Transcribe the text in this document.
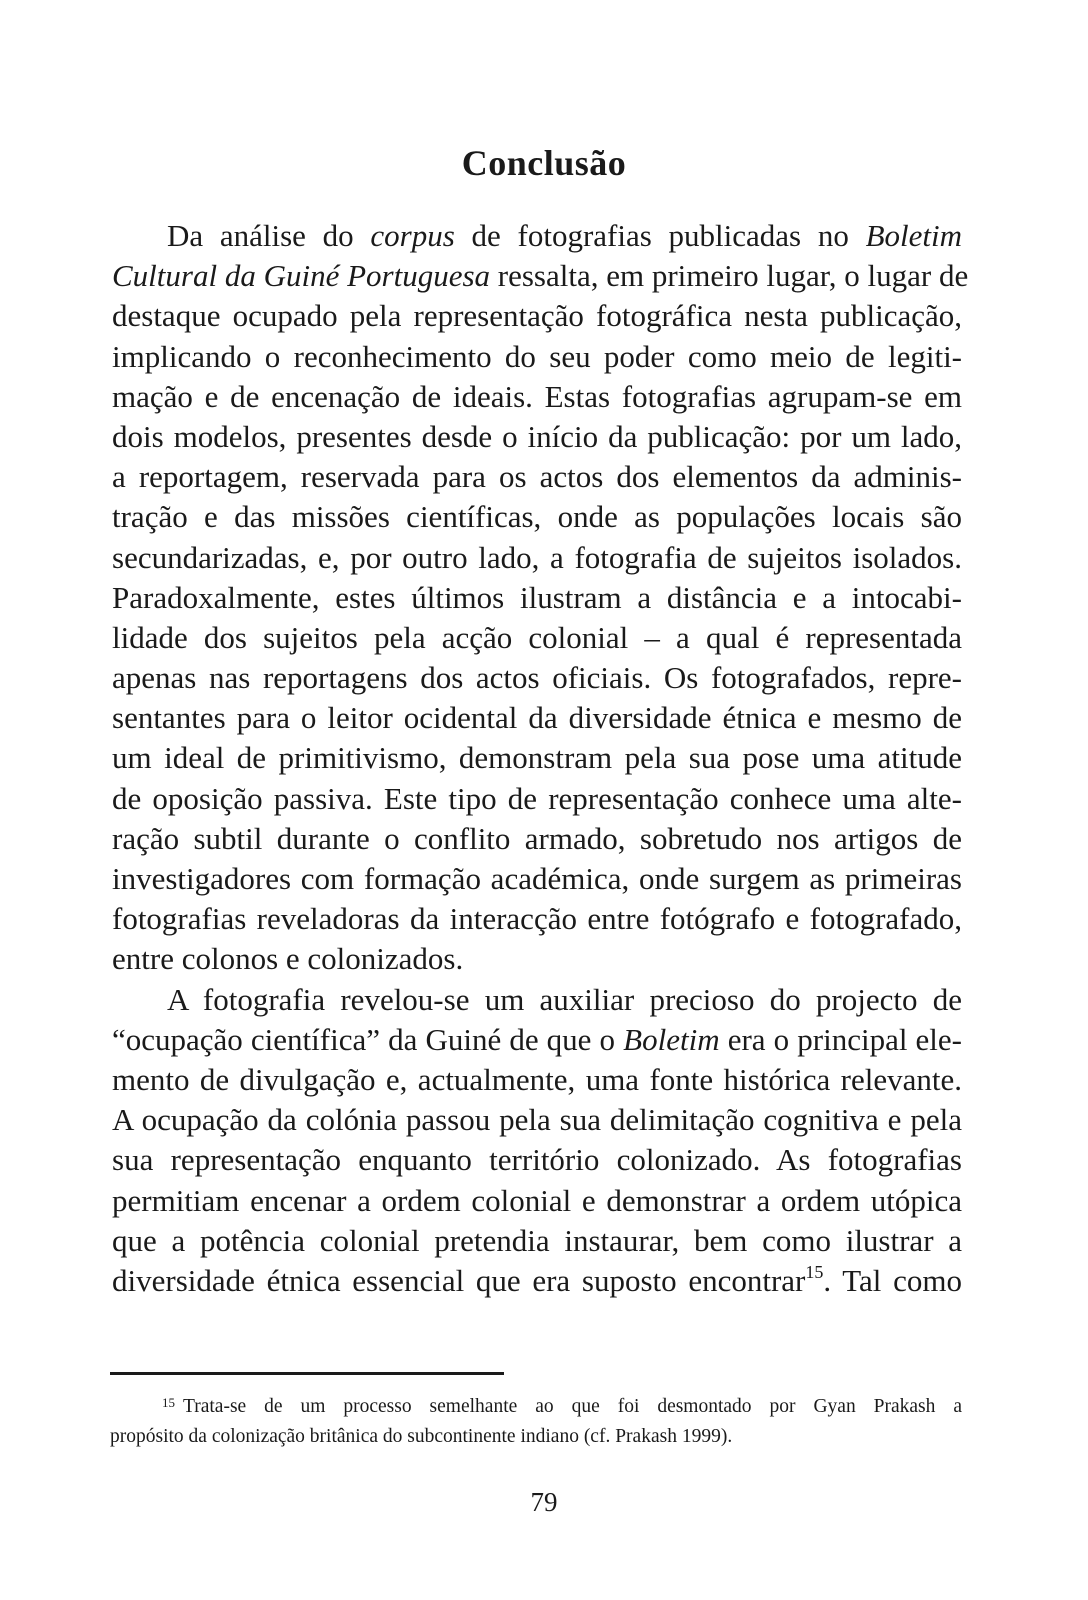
Conclusão
Da análise do corpus de fotografias publicadas no Boletim
Cultural da Guiné Portuguesa ressalta, em primeiro lugar, o lugar de
destaque ocupado pela representação fotográfica nesta publicação,
implicando o reconhecimento do seu poder como meio de legiti-
mação e de encenação de ideais. Estas fotografias agrupam-se em
dois modelos, presentes desde o início da publicação: por um lado,
a reportagem, reservada para os actos dos elementos da adminis-
tração e das missões científicas, onde as populações locais são
secundarizadas, e, por outro lado, a fotografia de sujeitos isolados.
Paradoxalmente, estes últimos ilustram a distância e a intocabi-
lidade dos sujeitos pela acção colonial – a qual é representada
apenas nas reportagens dos actos oficiais. Os fotografados, repre-
sentantes para o leitor ocidental da diversidade étnica e mesmo de
um ideal de primitivismo, demonstram pela sua pose uma atitude
de oposição passiva. Este tipo de representação conhece uma alte-
ração subtil durante o conflito armado, sobretudo nos artigos de
investigadores com formação académica, onde surgem as primeiras
fotografias reveladoras da interacção entre fotógrafo e fotografado,
entre colonos e colonizados.
A fotografia revelou-se um auxiliar precioso do projecto de
“ocupação científica” da Guiné de que o Boletim era o principal ele-
mento de divulgação e, actualmente, uma fonte histórica relevante.
A ocupação da colónia passou pela sua delimitação cognitiva e pela
sua representação enquanto território colonizado. As fotografias
permitiam encenar a ordem colonial e demonstrar a ordem utópica
que a potência colonial pretendia instaurar, bem como ilustrar a
diversidade étnica essencial que era suposto encontrar$^{15}$. Tal como
$^{15}$ Trata-se de um processo semelhante ao que foi desmontado por Gyan Prakash a
propósito da colonização britânica do subcontinente indiano (cf. Prakash 1999).
79
